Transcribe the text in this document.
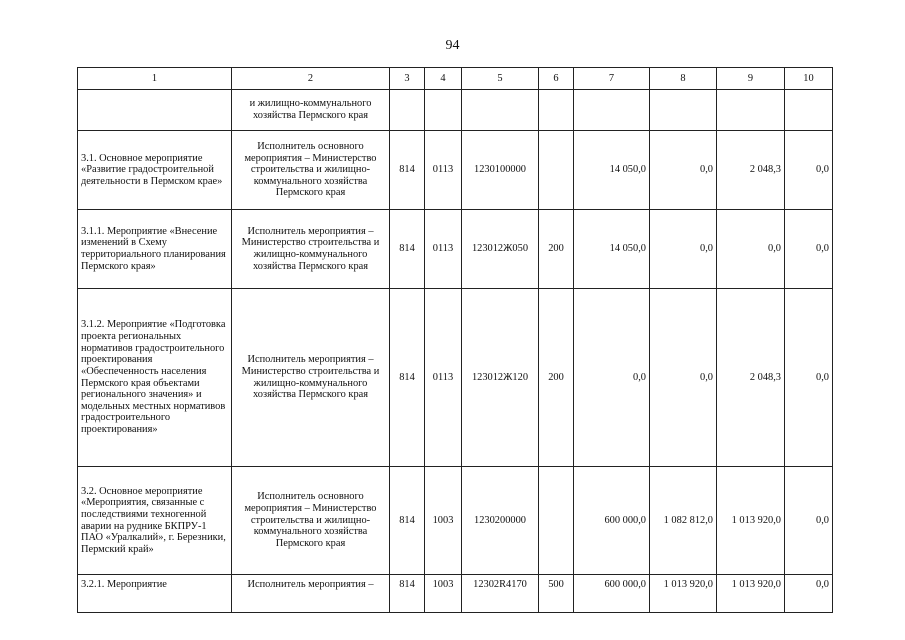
94
1	2	3	4	5	6	7	8	9	10
	и жилищно-коммунального хозяйства Пермского края								
3.1. Основное мероприятие «Развитие градостроительной деятельности в Пермском крае»	Исполнитель основного мероприятия – Министерство строительства и жилищно-коммунального хозяйства Пермского края	814	0113	1230100000		14 050,0	0,0	2 048,3	0,0
3.1.1. Мероприятие «Внесение изменений в Схему территориального планирования Пермского края»	Исполнитель мероприятия – Министерство строительства и жилищно-коммунального хозяйства Пермского края	814	0113	123012Ж050	200	14 050,0	0,0	0,0	0,0
3.1.2. Мероприятие «Подготовка проекта региональных нормативов градостроительного проектирования «Обеспеченность населения Пермского края объектами регионального значения» и модельных местных нормативов градостроительного проектирования»	Исполнитель мероприятия – Министерство строительства и жилищно-коммунального хозяйства Пермского края	814	0113	123012Ж120	200	0,0	0,0	2 048,3	0,0
3.2. Основное мероприятие «Мероприятия, связанные с последствиями техногенной аварии на руднике БКПРУ-1 ПАО «Уралкалий», г. Березники, Пермский край»	Исполнитель основного мероприятия – Министерство строительства и жилищно-коммунального хозяйства Пермского края	814	1003	1230200000		600 000,0	1 082 812,0	1 013 920,0	0,0
3.2.1. Мероприятие	Исполнитель мероприятия –	814	1003	12302R4170	500	600 000,0	1 013 920,0	1 013 920,0	0,0
